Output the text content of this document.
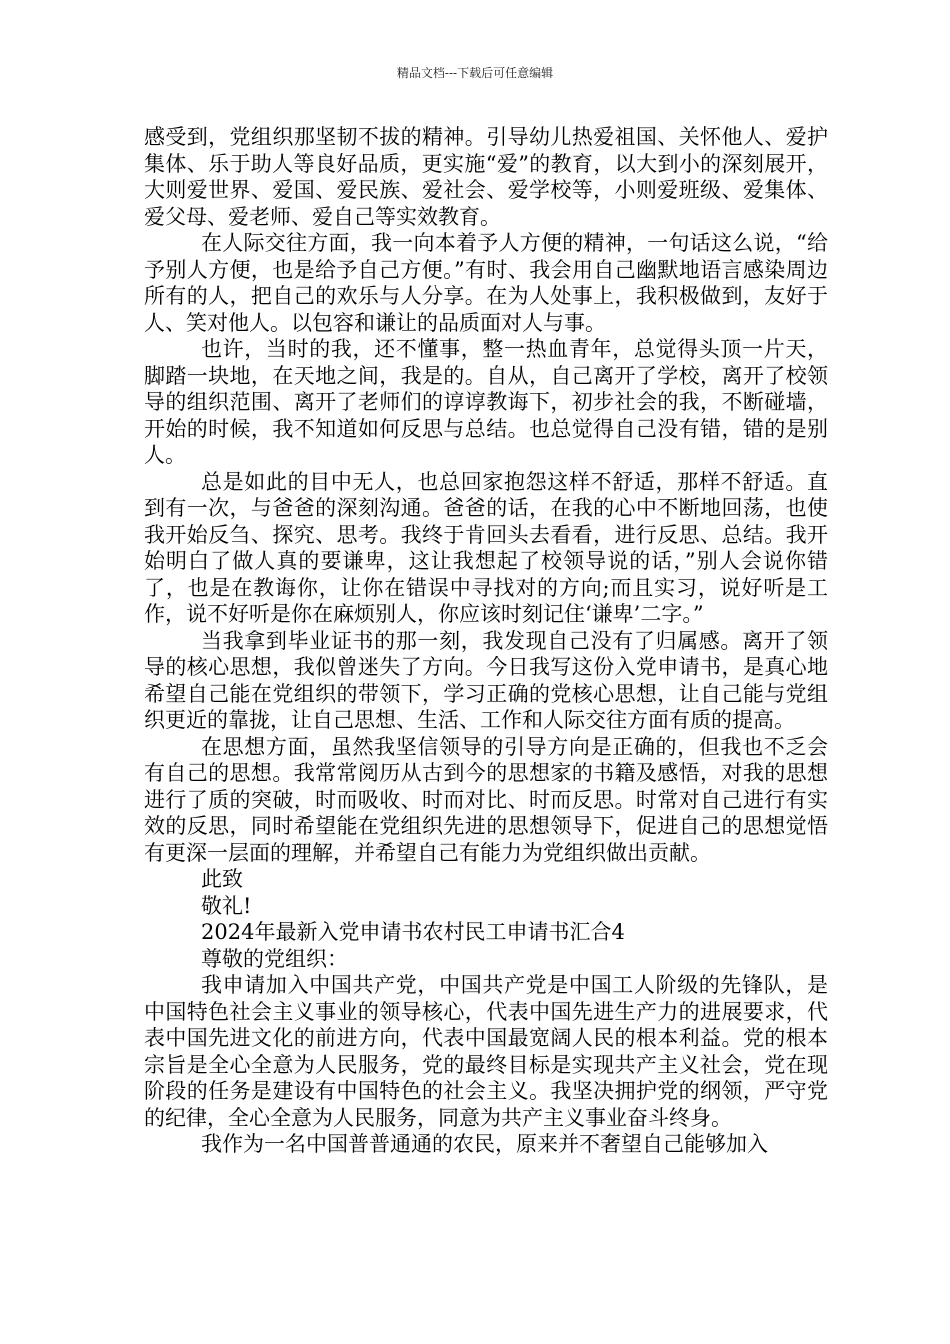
精品文档---下载后可任意编辑

感受到，党组织那坚韧不拔的精神。引导幼儿热爱祖国、关怀他人、爱护集体、乐于助人等良好品质，更实施“爱”的教育，以大到小的深刻展开，大则爱世界、爱国、爱民族、爱社会、爱学校等，小则爱班级、爱集体、爱父母、爱老师、爱自己等实效教育。

在人际交往方面，我一向本着予人方便的精神，一句话这么说，“给予别人方便，也是给予自己方便。”有时、我会用自己幽默地语言感染周边所有的人，把自己的欢乐与人分享。在为人处事上，我积极做到，友好于人、笑对他人。以包容和谦让的品质面对人与事。

也许，当时的我，还不懂事，整一热血青年，总觉得头顶一片天，脚踏一块地，在天地之间，我是的。自从，自己离开了学校，离开了校领导的组织范围、离开了老师们的谆谆教诲下，初步社会的我，不断碰墙，开始的时候，我不知道如何反思与总结。也总觉得自己没有错，错的是别人。

总是如此的目中无人，也总回家抱怨这样不舒适，那样不舒适。直到有一次，与爸爸的深刻沟通。爸爸的话，在我的心中不断地回荡，也使我开始反刍、探究、思考。我终于肯回头去看看，进行反思、总结。我开始明白了做人真的要谦卑，这让我想起了校领导说的话，”别人会说你错了，也是在教诲你，让你在错误中寻找对的方向;而且实习，说好听是工作，说不好听是你在麻烦别人，你应该时刻记住‘谦卑’二字。”

当我拿到毕业证书的那一刻，我发现自己没有了归属感。离开了领导的核心思想，我似曾迷失了方向。今日我写这份入党申请书，是真心地希望自己能在党组织的带领下，学习正确的党核心思想，让自己能与党组织更近的靠拢，让自己思想、生活、工作和人际交往方面有质的提高。

在思想方面，虽然我坚信领导的引导方向是正确的，但我也不乏会有自己的思想。我常常阅历从古到今的思想家的书籍及感悟，对我的思想进行了质的突破，时而吸收、时而对比、时而反思。时常对自己进行有实效的反思，同时希望能在党组织先进的思想领导下，促进自己的思想觉悟有更深一层面的理解，并希望自己有能力为党组织做出贡献。

此致

敬礼!

2024年最新入党申请书农村民工申请书汇合4

尊敬的党组织：

我申请加入中国共产党，中国共产党是中国工人阶级的先锋队，是中国特色社会主义事业的领导核心，代表中国先进生产力的进展要求，代表中国先进文化的前进方向，代表中国最宽阔人民的根本利益。党的根本宗旨是全心全意为人民服务，党的最终目标是实现共产主义社会，党在现阶段的任务是建设有中国特色的社会主义。我坚决拥护党的纲领，严守党的纪律，全心全意为人民服务，同意为共产主义事业奋斗终身。

我作为一名中国普普通通的农民，原来并不奢望自己能够加入
